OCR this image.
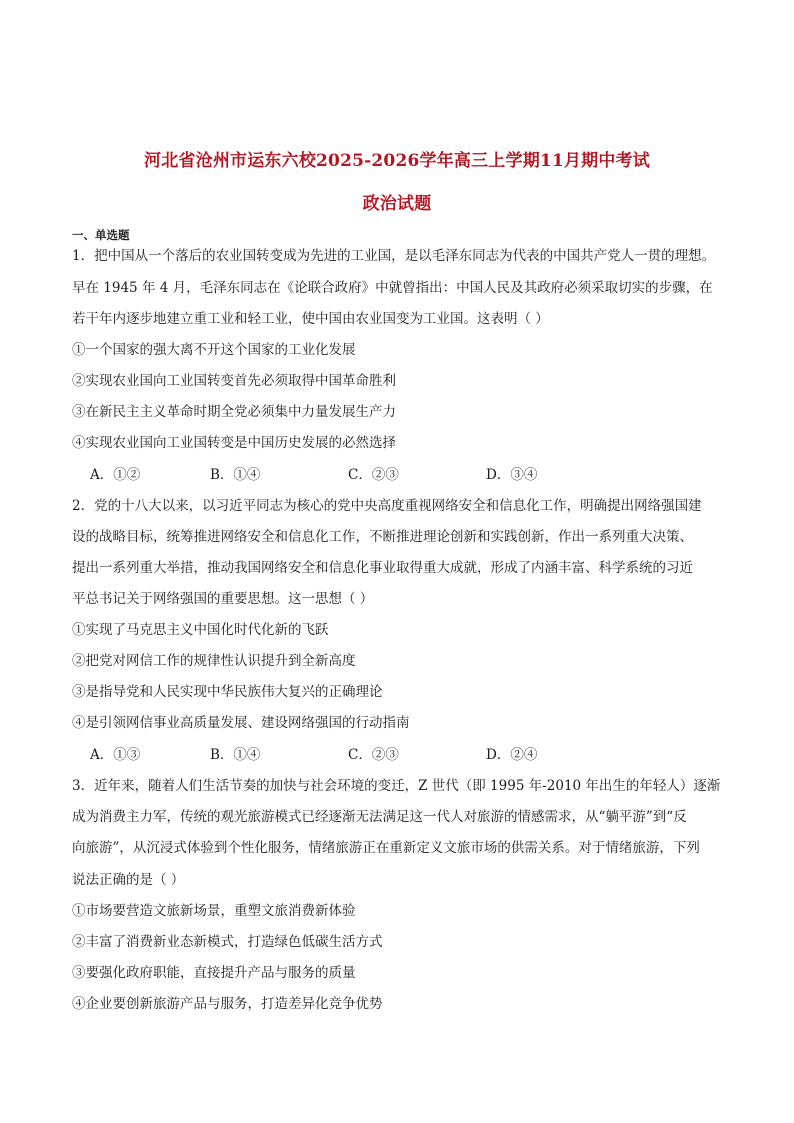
河北省沧州市运东六校2025-2026学年高三上学期11月期中考试
政治试题
一、单选题
1．把中国从一个落后的农业国转变成为先进的工业国，是以毛泽东同志为代表的中国共产党人一贯的理想。
早在 1945 年 4 月，毛泽东同志在《论联合政府》中就曾指出：中国人民及其政府必须采取切实的步骤，在
若干年内逐步地建立重工业和轻工业，使中国由农业国变为工业国。这表明（ ）
①一个国家的强大离不开这个国家的工业化发展
②实现农业国向工业国转变首先必须取得中国革命胜利
③在新民主主义革命时期全党必须集中力量发展生产力
④实现农业国向工业国转变是中国历史发展的必然选择
A．①②	B．①④	C．②③	D．③④
2．党的十八大以来，以习近平同志为核心的党中央高度重视网络安全和信息化工作，明确提出网络强国建
设的战略目标，统筹推进网络安全和信息化工作，不断推进理论创新和实践创新，作出一系列重大决策、
提出一系列重大举措，推动我国网络安全和信息化事业取得重大成就，形成了内涵丰富、科学系统的习近
平总书记关于网络强国的重要思想。这一思想（ ）
①实现了马克思主义中国化时代化新的飞跃
②把党对网信工作的规律性认识提升到全新高度
③是指导党和人民实现中华民族伟大复兴的正确理论
④是引领网信事业高质量发展、建设网络强国的行动指南
A．①③	B．①④	C．②③	D．②④
3．近年来，随着人们生活节奏的加快与社会环境的变迁，Z 世代（即 1995 年-2010 年出生的年轻人）逐渐
成为消费主力军，传统的观光旅游模式已经逐渐无法满足这一代人对旅游的情感需求，从“躺平游”到“反
向旅游”，从沉浸式体验到个性化服务，情绪旅游正在重新定义文旅市场的供需关系。对于情绪旅游，下列
说法正确的是（ ）
①市场要营造文旅新场景，重塑文旅消费新体验
②丰富了消费新业态新模式，打造绿色低碳生活方式
③要强化政府职能，直接提升产品与服务的质量
④企业要创新旅游产品与服务，打造差异化竞争优势
